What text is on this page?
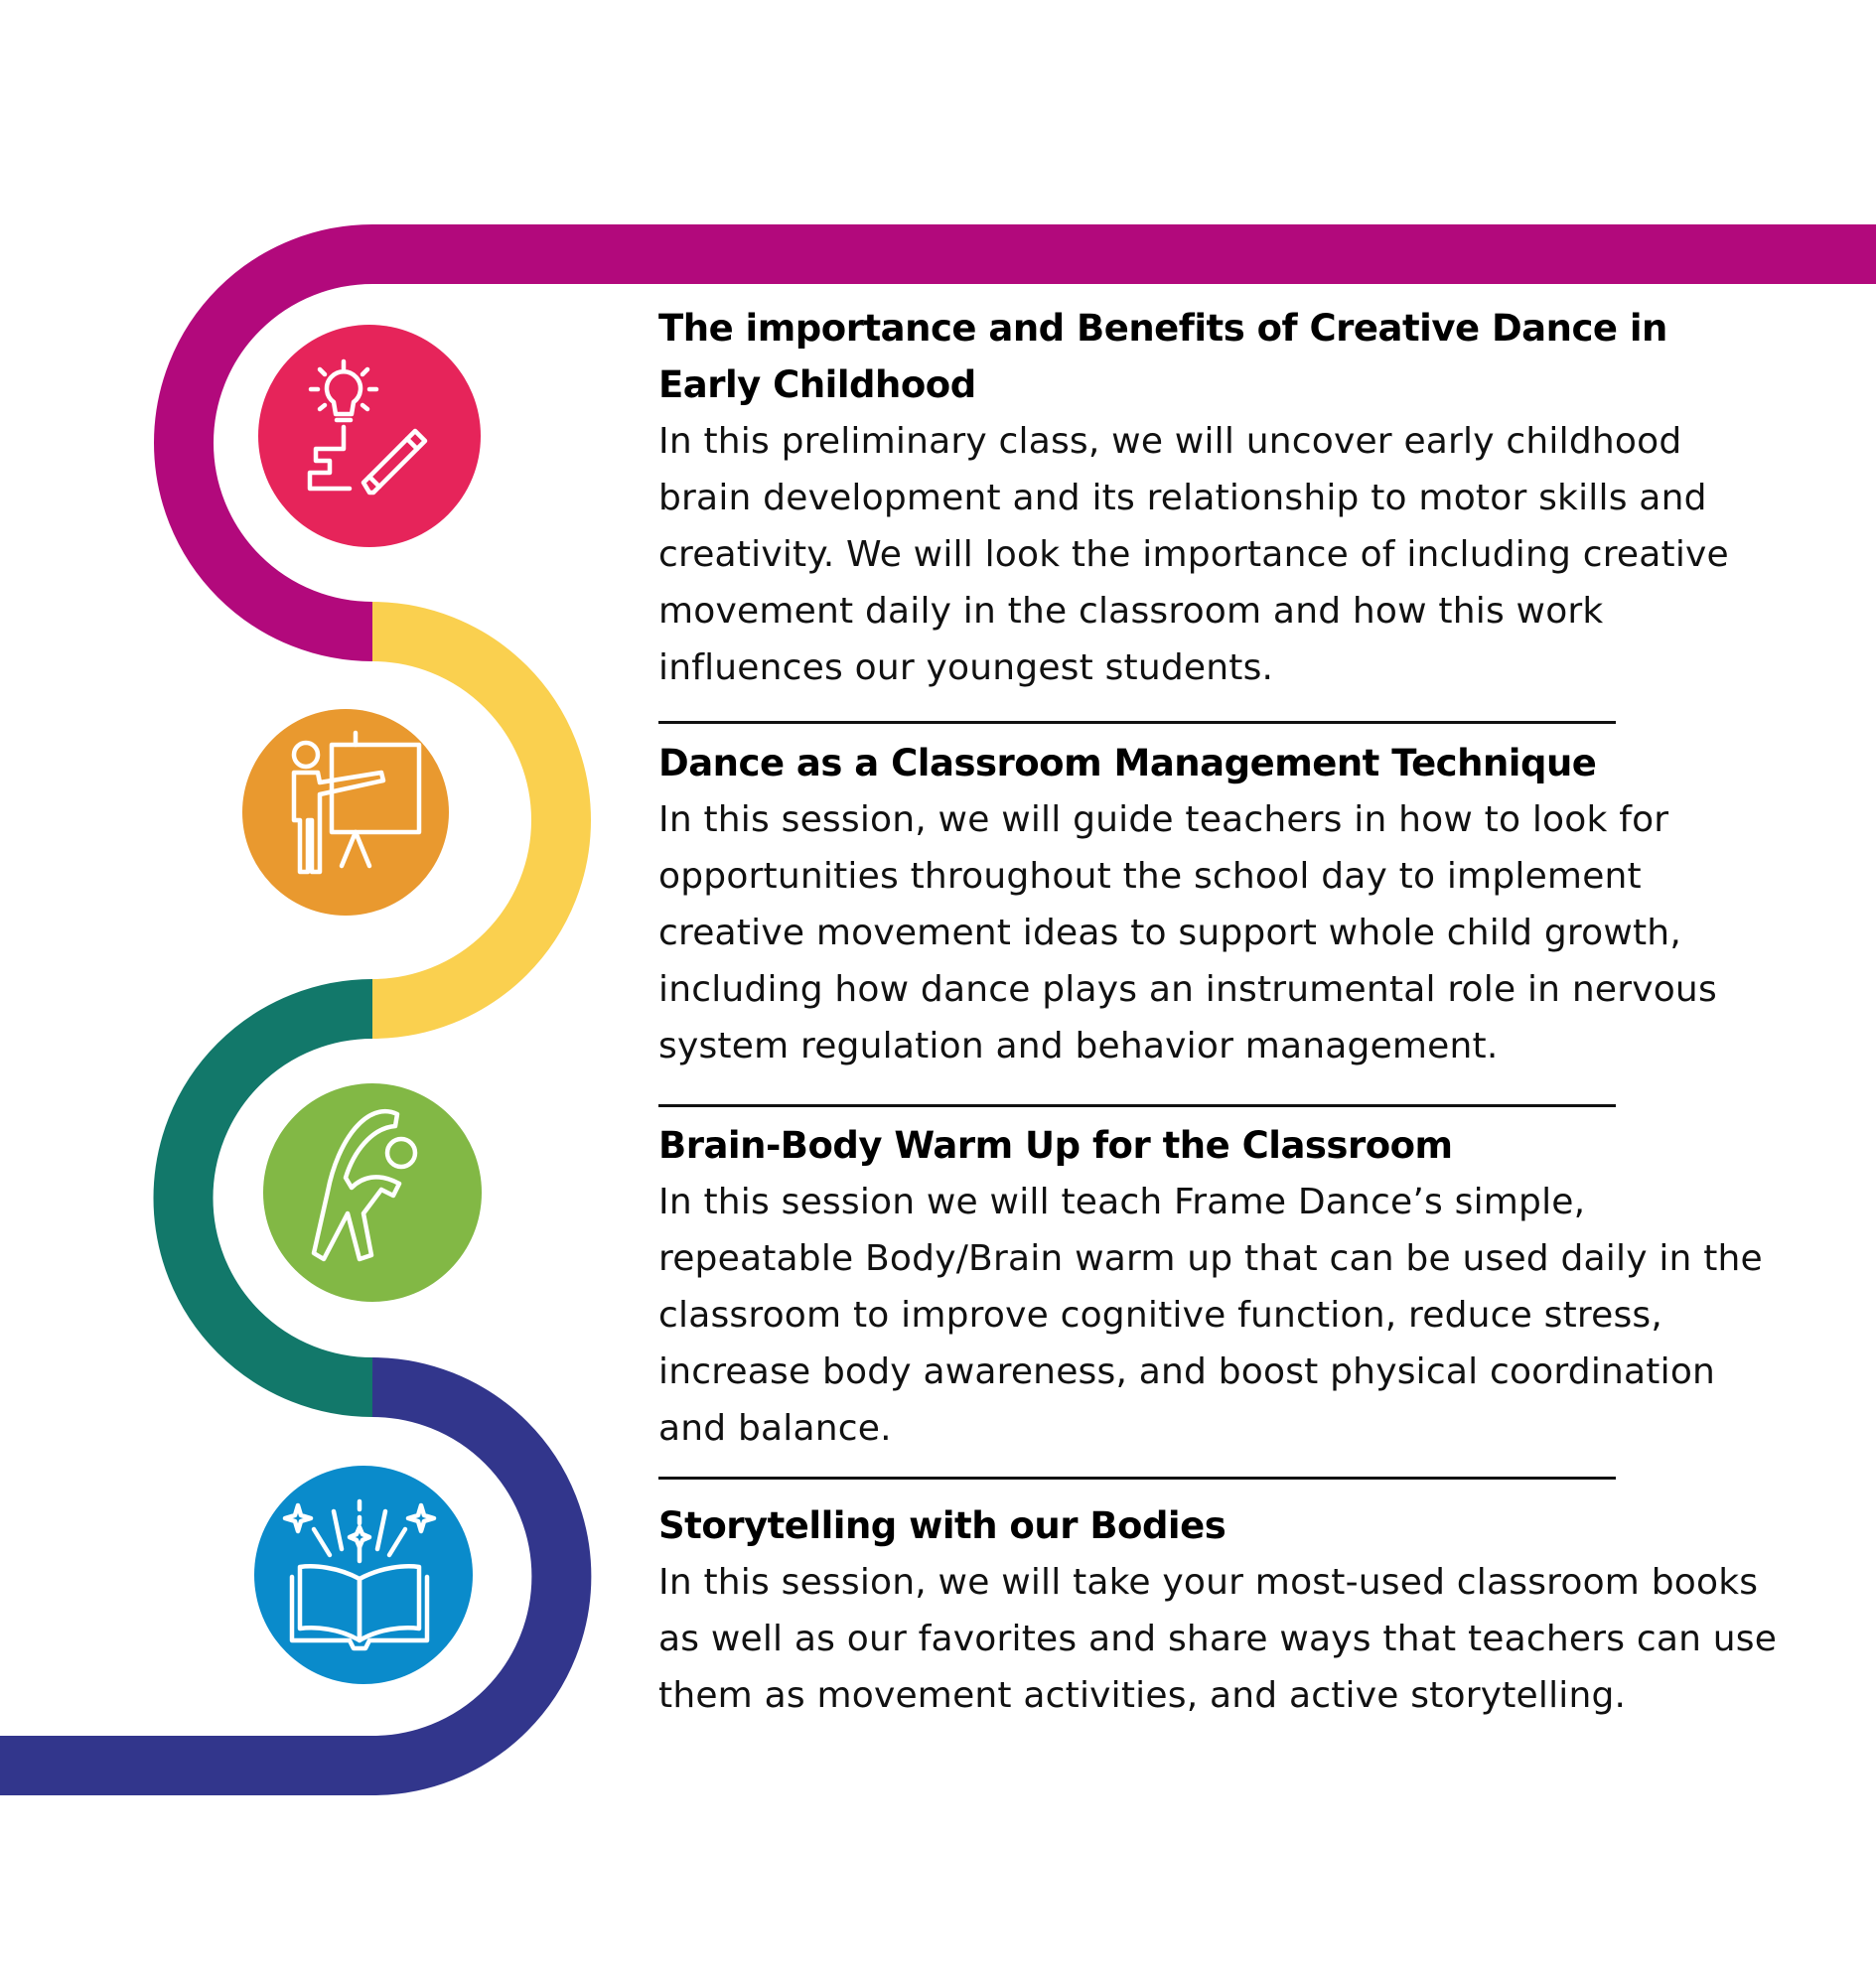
The importance and Benefits of Creative Dance in Early Childhood

In this preliminary class, we will uncover early childhood brain development and its relationship to motor skills and creativity. We will look the importance of including creative movement daily in the classroom and how this work influences our youngest students.

Dance as a Classroom Management Technique

In this session, we will guide teachers in how to look for opportunities throughout the school day to implement creative movement ideas to support whole child growth, including how dance plays an instrumental role in nervous system regulation and behavior management.

Brain-Body Warm Up for the Classroom

In this session we will teach Frame Dance’s simple, repeatable Body/Brain warm up that can be used daily in the classroom to improve cognitive function, reduce stress, increase body awareness, and boost physical coordination and balance.

Storytelling with our Bodies

In this session, we will take your most-used classroom books as well as our favorites and share ways that teachers can use them as movement activities, and active storytelling.
